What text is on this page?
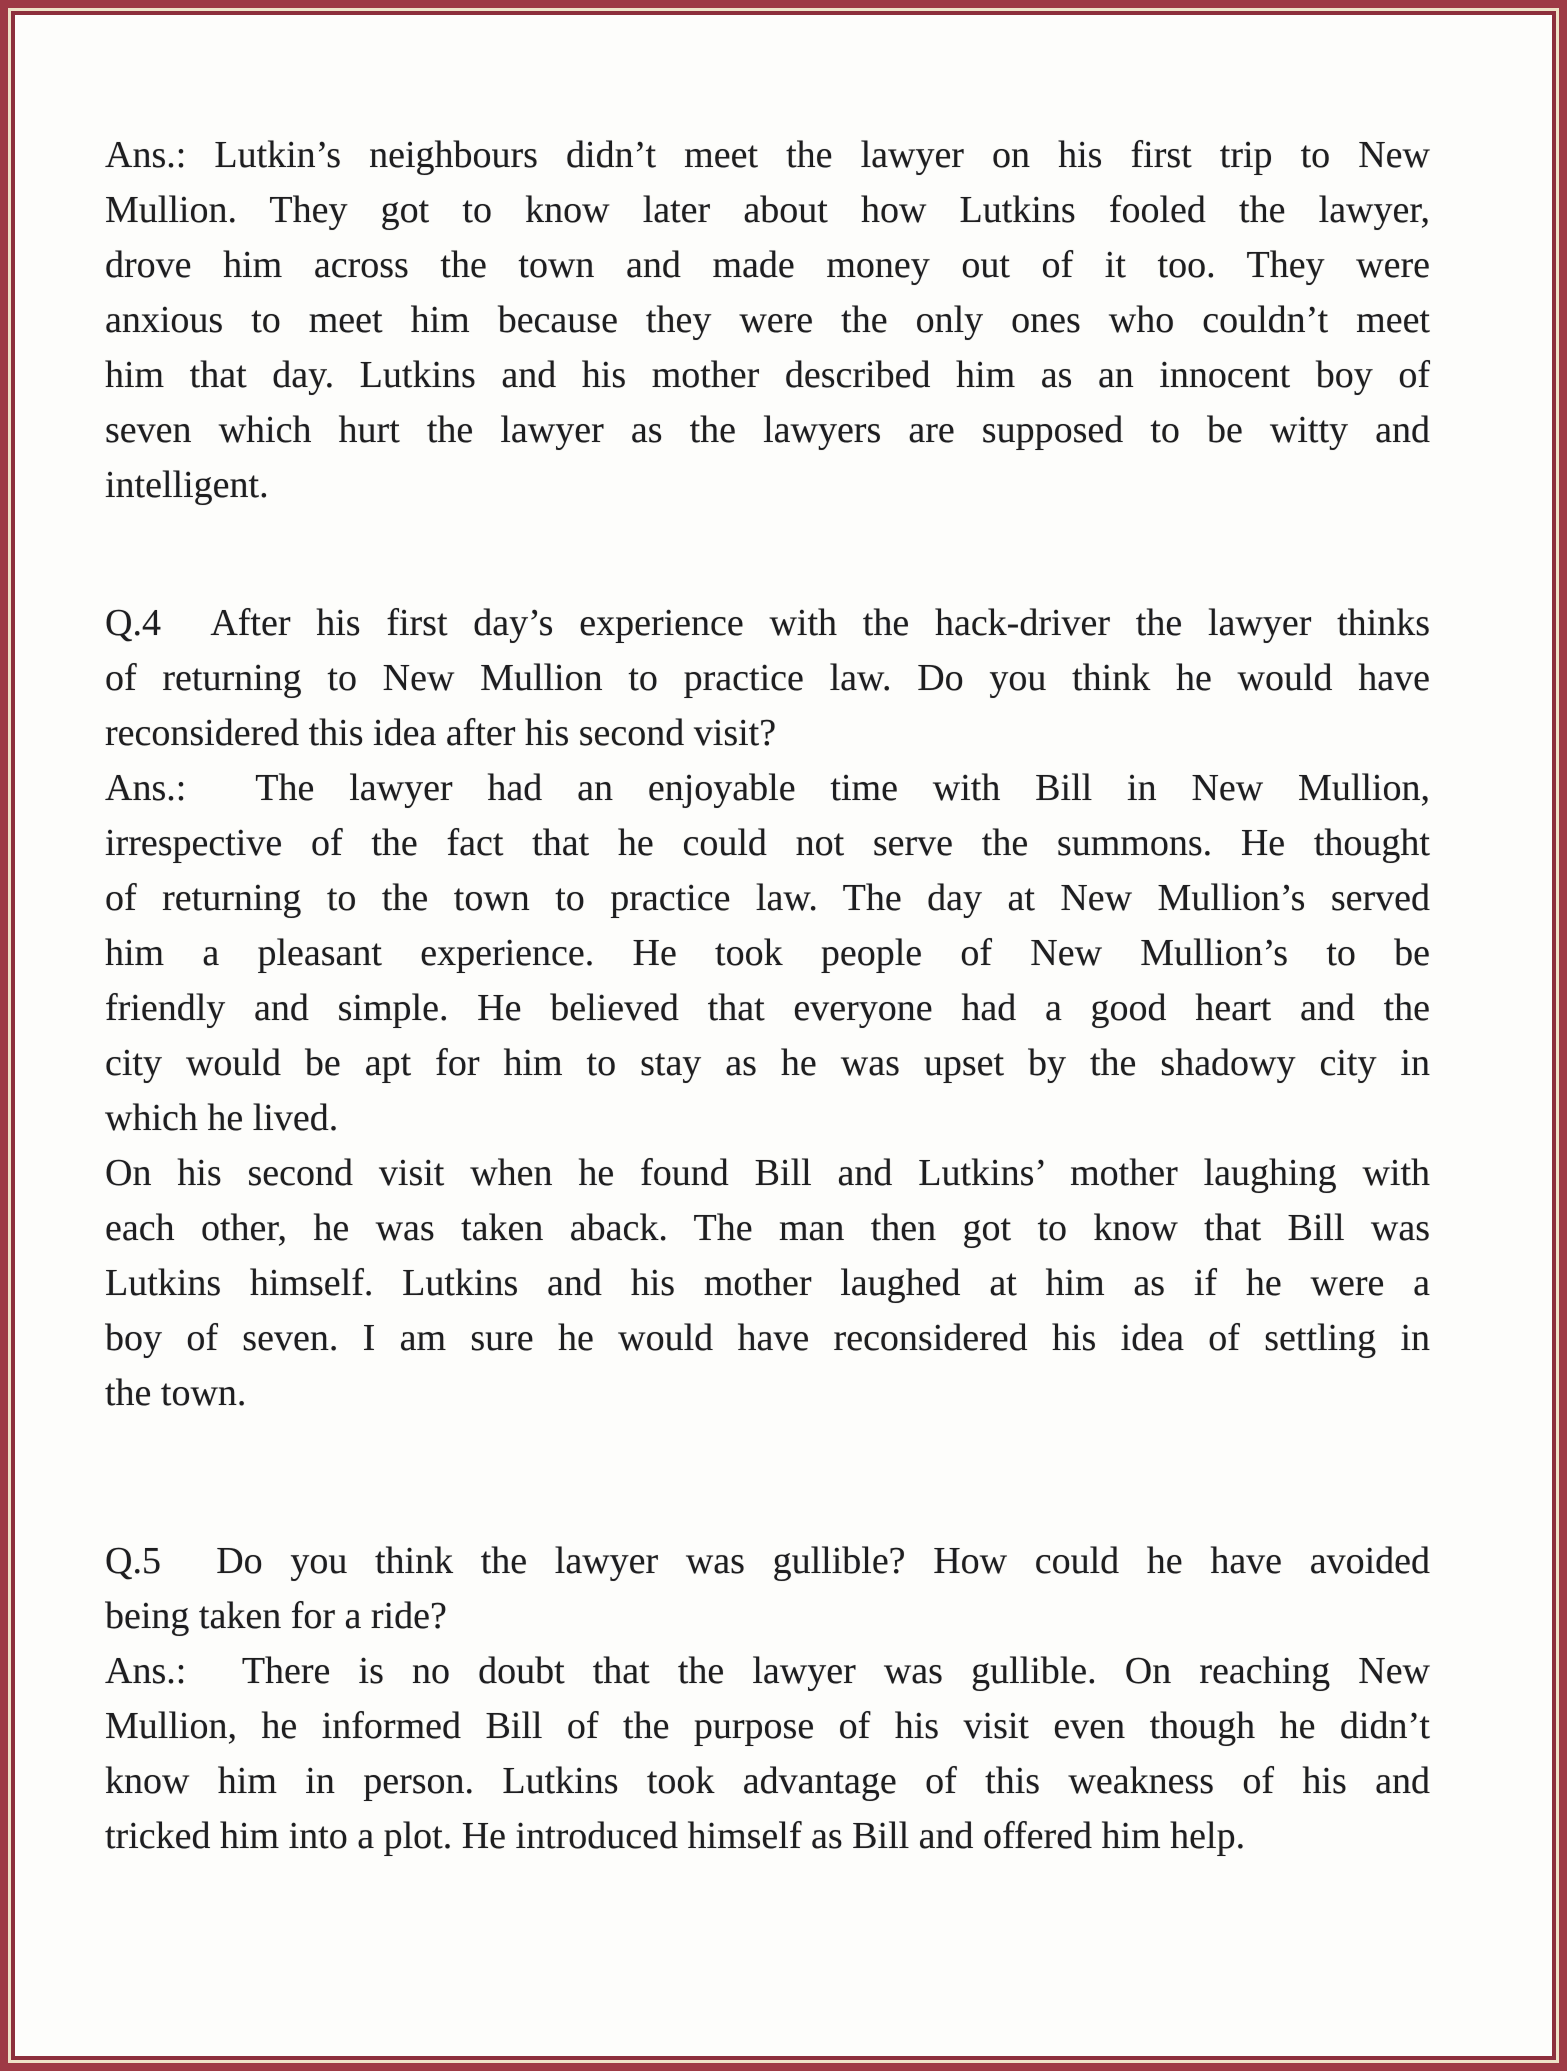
Ans.: Lutkin’s neighbours didn’t meet the lawyer on his first trip to New
Mullion. They got to know later about how Lutkins fooled the lawyer,
drove him across the town and made money out of it too. They were
anxious to meet him because they were the only ones who couldn’t meet
him that day. Lutkins and his mother described him as an innocent boy of
seven which hurt the lawyer as the lawyers are supposed to be witty and
intelligent.
Q.4  After his first day’s experience with the hack-driver the lawyer thinks
of returning to New Mullion to practice law. Do you think he would have
reconsidered this idea after his second visit?
Ans.:  The lawyer had an enjoyable time with Bill in New Mullion,
irrespective of the fact that he could not serve the summons. He thought
of returning to the town to practice law. The day at New Mullion’s served
him a pleasant experience. He took people of New Mullion’s to be
friendly and simple. He believed that everyone had a good heart and the
city would be apt for him to stay as he was upset by the shadowy city in
which he lived.
On his second visit when he found Bill and Lutkins’ mother laughing with
each other, he was taken aback. The man then got to know that Bill was
Lutkins himself. Lutkins and his mother laughed at him as if he were a
boy of seven. I am sure he would have reconsidered his idea of settling in
the town.
Q.5  Do you think the lawyer was gullible? How could he have avoided
being taken for a ride?
Ans.:  There is no doubt that the lawyer was gullible. On reaching New
Mullion, he informed Bill of the purpose of his visit even though he didn’t
know him in person. Lutkins took advantage of this weakness of his and
tricked him into a plot. He introduced himself as Bill and offered him help.
